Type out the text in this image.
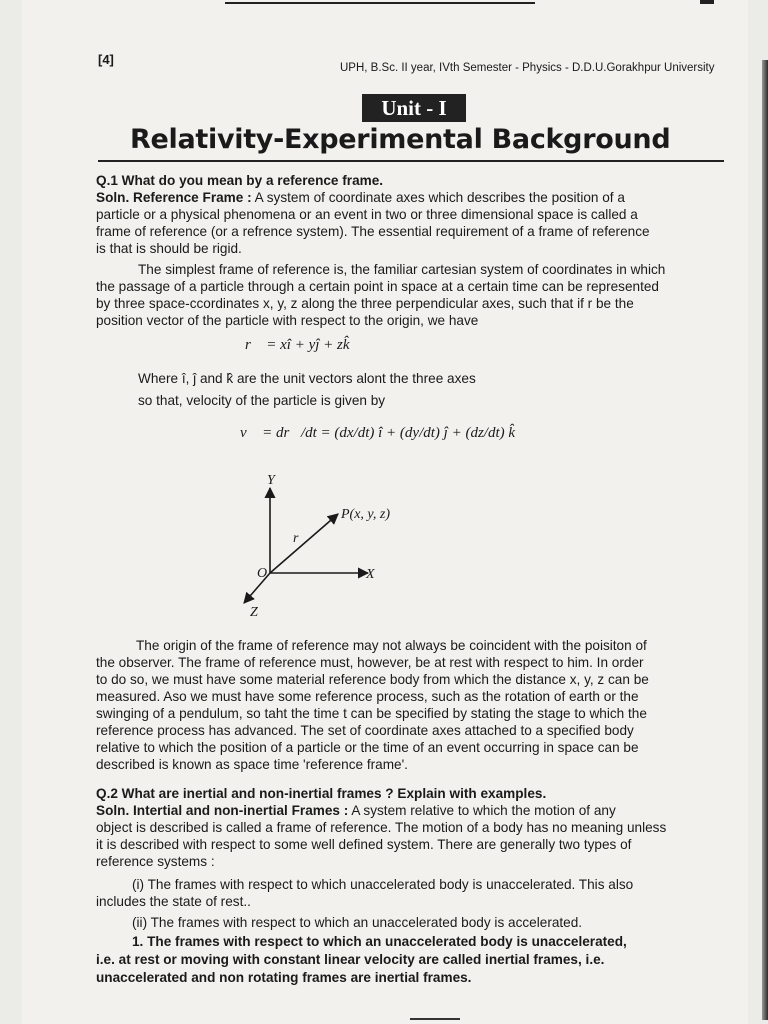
[4]
UPH, B.Sc. II year, IVth Semester - Physics - D.D.U.Gorakhpur University
Unit - I
Relativity-Experimental Background
Q.1 What do you mean by a reference frame.
Soln. Reference Frame : A system of coordinate axes which describes the position of a
particle or a physical phenomena or an event in two or three dimensional space is called a
frame of reference (or a refrence system). The essential requirement of a frame of reference
is that is should be rigid.
The simplest frame of reference is, the familiar cartesian system of coordinates in which
the passage of a particle through a certain point in space at a certain time can be represented
by three space-ccordinates x, y, z along the three perpendicular axes, such that if r be the
position vector of the particle with respect to the origin, we have
r⃗ = xî + yĵ + zk̂
Where î, ĵ and k̂ are the unit vectors alont the three axes
so that, velocity of the particle is given by
v⃗ = dr⃗/dt = (dx/dt) î + (dy/dt) ĵ + (dz/dt) k̂
Y
X
Z
O
P(x, y, z)
r⃗
The origin of the frame of reference may not always be coincident with the poisiton of
the observer. The frame of reference must, however, be at rest with respect to him. In order
to do so, we must have some material reference body from which the distance x, y, z can be
measured. Aso we must have some reference process, such as the rotation of earth or the
swinging of a pendulum, so taht the time t can be specified by stating the stage to which the
reference process has advanced. The set of coordinate axes attached to a specified body
relative to which the position of a particle or the time of an event occurring in space can be
described is known as space time 'reference frame'.
Q.2 What are inertial and non-inertial frames ? Explain with examples.
Soln. Intertial and non-inertial Frames : A system relative to which the motion of any
object is described is called a frame of reference. The motion of a body has no meaning unless
it is described with respect to some well defined system. There are generally two types of
reference systems :
(i) The frames with respect to which unaccelerated body is unaccelerated. This also
includes the state of rest..
(ii) The frames with respect to which an unaccelerated body is accelerated.
1. The frames with respect to which an unaccelerated body is unaccelerated,
i.e. at rest or moving with constant linear velocity are called inertial frames, i.e.
unaccelerated and non rotating frames are inertial frames.
